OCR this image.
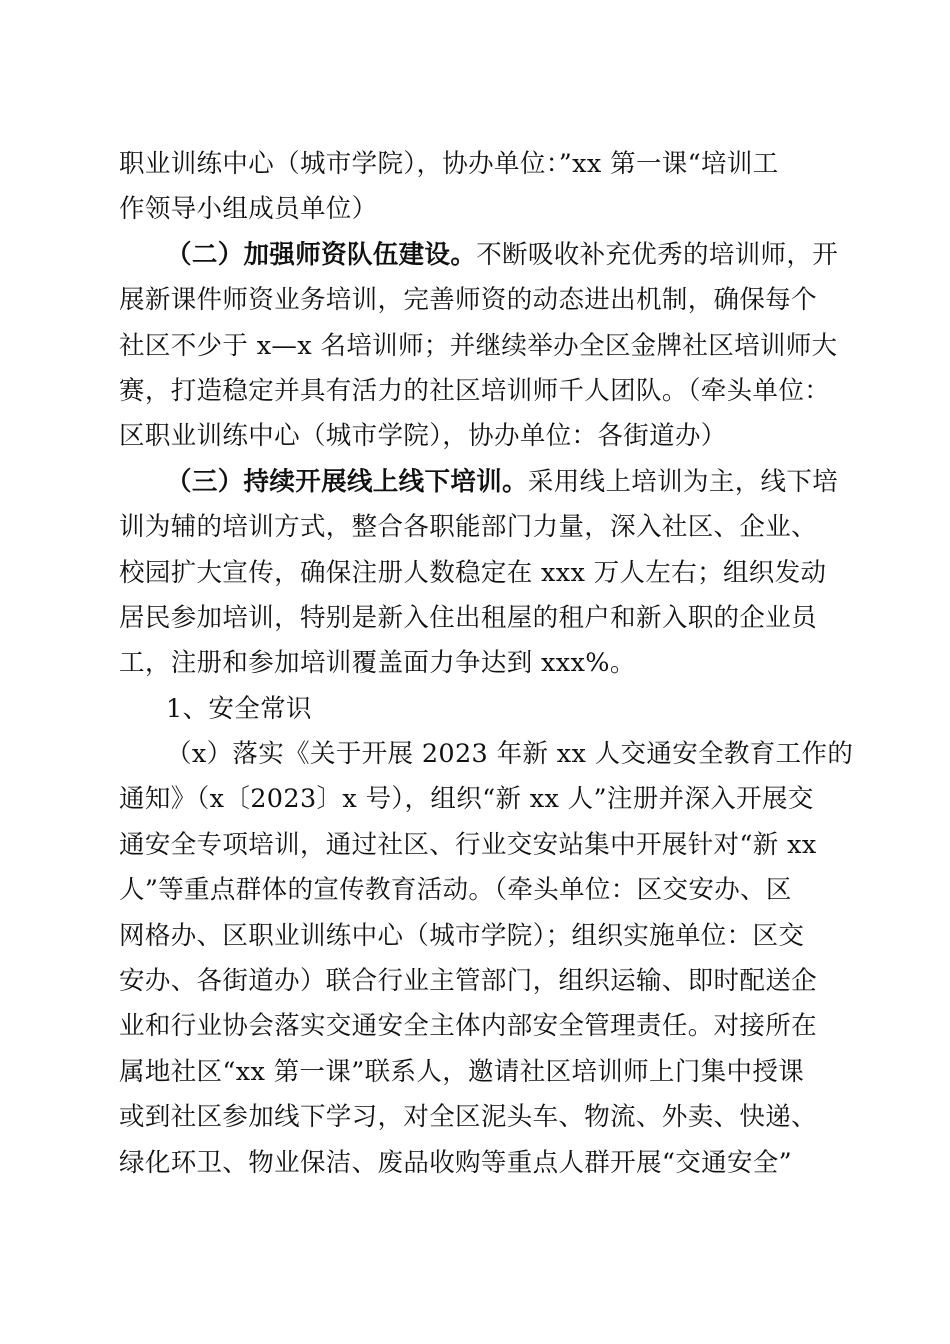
职业训练中心（城市学院），协办单位：”xx 第一课“培训工
作领导小组成员单位）
（二）加强师资队伍建设。不断吸收补充优秀的培训师，开
展新课件师资业务培训，完善师资的动态进出机制，确保每个
社区不少于 x—x 名培训师；并继续举办全区金牌社区培训师大
赛，打造稳定并具有活力的社区培训师千人团队。（牵头单位：
区职业训练中心（城市学院），协办单位：各街道办）
（三）持续开展线上线下培训。采用线上培训为主，线下培
训为辅的培训方式，整合各职能部门力量，深入社区、企业、
校园扩大宣传，确保注册人数稳定在 xxx 万人左右；组织发动
居民参加培训，特别是新入住出租屋的租户和新入职的企业员
工，注册和参加培训覆盖面力争达到 xxx%。
1、安全常识
（x）落实《关于开展 2023 年新 xx 人交通安全教育工作的
通知》（x〔2023〕x 号），组织“新 xx 人”注册并深入开展交
通安全专项培训，通过社区、行业交安站集中开展针对“新 xx
人”等重点群体的宣传教育活动。（牵头单位：区交安办、区
网格办、区职业训练中心（城市学院）；组织实施单位：区交
安办、各街道办）联合行业主管部门，组织运输、即时配送企
业和行业协会落实交通安全主体内部安全管理责任。对接所在
属地社区“xx 第一课”联系人，邀请社区培训师上门集中授课
或到社区参加线下学习，对全区泥头车、物流、外卖、快递、
绿化环卫、物业保洁、废品收购等重点人群开展“交通安全”
